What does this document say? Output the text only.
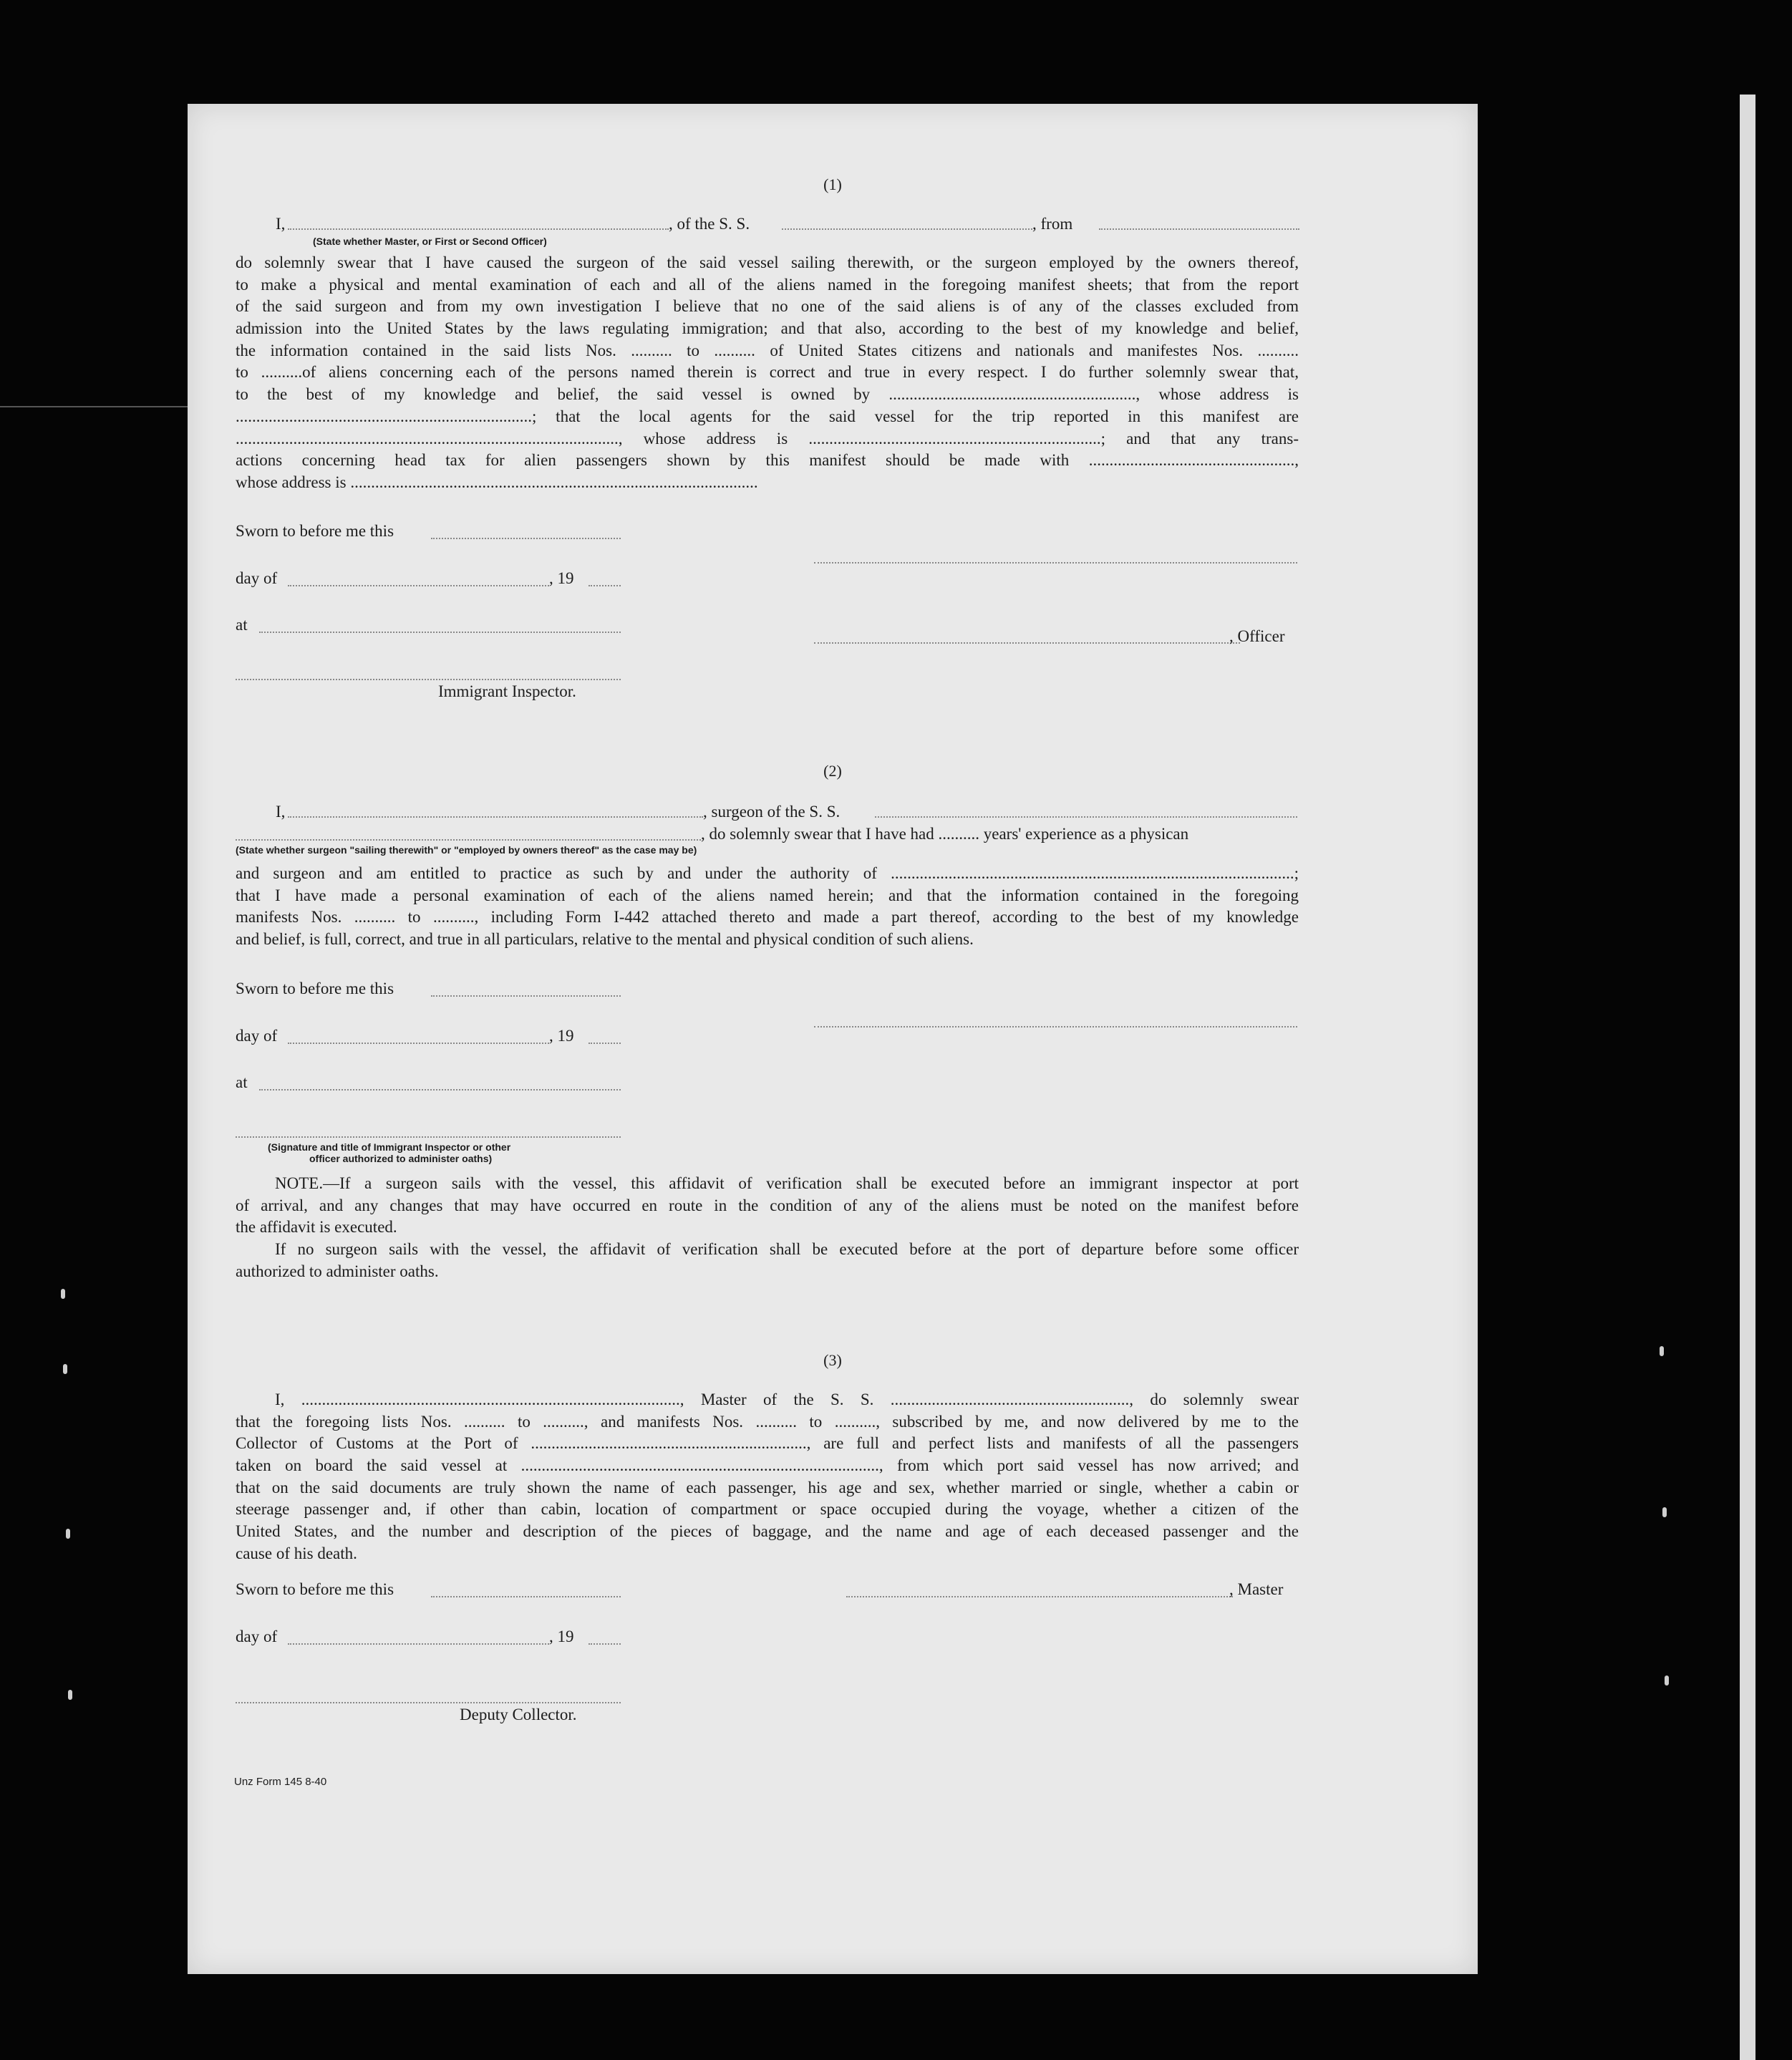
(1)
I,	, of the S. S.	, from
(State whether Master, or First or Second Officer)
do solemnly swear that I have caused the surgeon of the said vessel sailing therewith, or the surgeon employed by the owners thereof,
to make a physical and mental examination of each and all of the aliens named in the foregoing manifest sheets; that from the report
of the said surgeon and from my own investigation I believe that no one of the said aliens is of any of the classes excluded from
admission into the United States by the laws regulating immigration; and that also, according to the best of my knowledge and belief,
the information contained in the said lists Nos. .......... to .......... of United States citizens and nationals and manifestes Nos. ..........
to ..........of aliens concerning each of the persons named therein is correct and true in every respect. I do further solemnly swear that,
to the best of my knowledge and belief, the said vessel is owned by ............................................................, whose address is
........................................................................; that the local agents for the said vessel for the trip reported in this manifest are
............................................................................................., whose address is .......................................................................; and that any trans-
actions concerning head tax for alien passengers shown by this manifest should be made with ..................................................,
whose address is ...................................................................................................
Sworn to before me this
day of	, 19
at
, Officer
Immigrant Inspector.
(2)
I,	, surgeon of the S. S.
, do solemnly swear that I have had .......... years' experience as a physican
(State whether surgeon "sailing therewith" or "employed by owners thereof" as the case may be)
and surgeon and am entitled to practice as such by and under the authority of ..................................................................................................;
that I have made a personal examination of each of the aliens named herein; and that the information contained in the foregoing
manifests Nos. .......... to .........., including Form I-442 attached thereto and made a part thereof, according to the best of my knowledge
and belief, is full, correct, and true in all particulars, relative to the mental and physical condition of such aliens.
Sworn to before me this
day of	, 19
at
(Signature and title of Immigrant Inspector or other
officer authorized to administer oaths)
NOTE.—If a surgeon sails with the vessel, this affidavit of verification shall be executed before an immigrant inspector at port
of arrival, and any changes that may have occurred en route in the condition of any of the aliens must be noted on the manifest before
the affidavit is executed.
If no surgeon sails with the vessel, the affidavit of verification shall be executed before at the port of departure before some officer
authorized to administer oaths.
(3)
I, ............................................................................................, Master of the S. S. .........................................................., do solemnly swear
that the foregoing lists Nos. .......... to .........., and manifests Nos. .......... to .........., subscribed by me, and now delivered by me to the
Collector of Customs at the Port of ..................................................................., are full and perfect lists and manifests of all the passengers
taken on board the said vessel at ......................................................................................., from which port said vessel has now arrived; and
that on the said documents are truly shown the name of each passenger, his age and sex, whether married or single, whether a cabin or
steerage passenger and, if other than cabin, location of compartment or space occupied during the voyage, whether a citizen of the
United States, and the number and description of the pieces of baggage, and the name and age of each deceased passenger and the
cause of his death.
Sworn to before me this	, Master
day of	, 19
Deputy Collector.
Unz Form 145 8-40
